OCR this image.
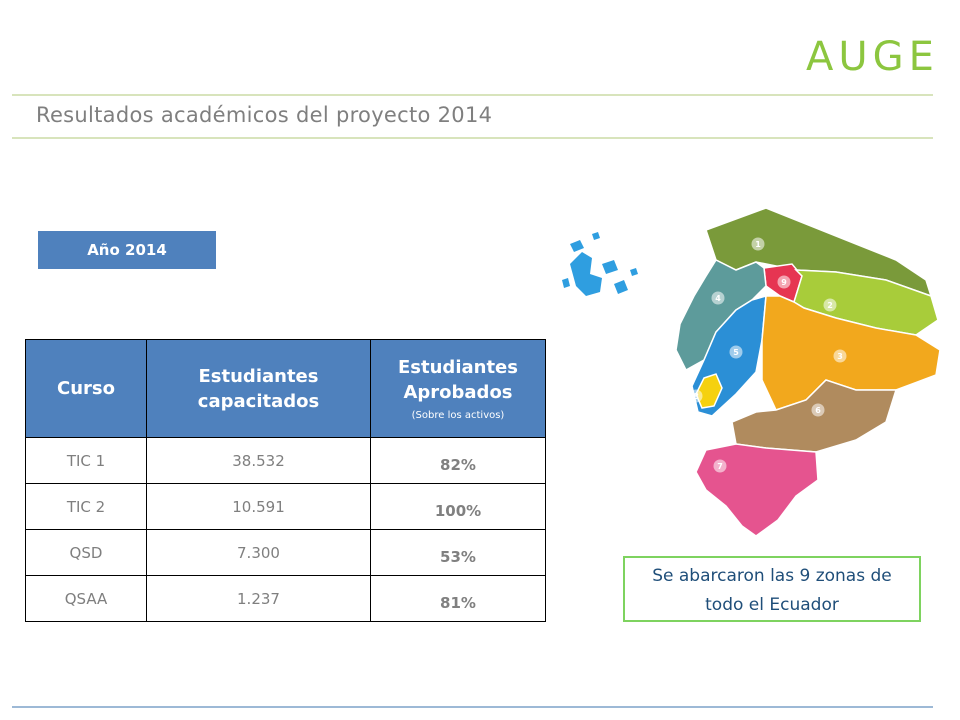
AUGE
Resultados académicos del proyecto 2014
Año 2014
Curso	Estudiantes capacitados	Estudiantes Aprobados
(Sobre los activos)

TIC 1	38.532	82%
TIC 2	10.591	100%
QSD	7.300	53%
QSAA	1.237	81%
1
2
3
4
5
6
7
8
9
Se abarcaron las 9 zonas de
todo el Ecuador
